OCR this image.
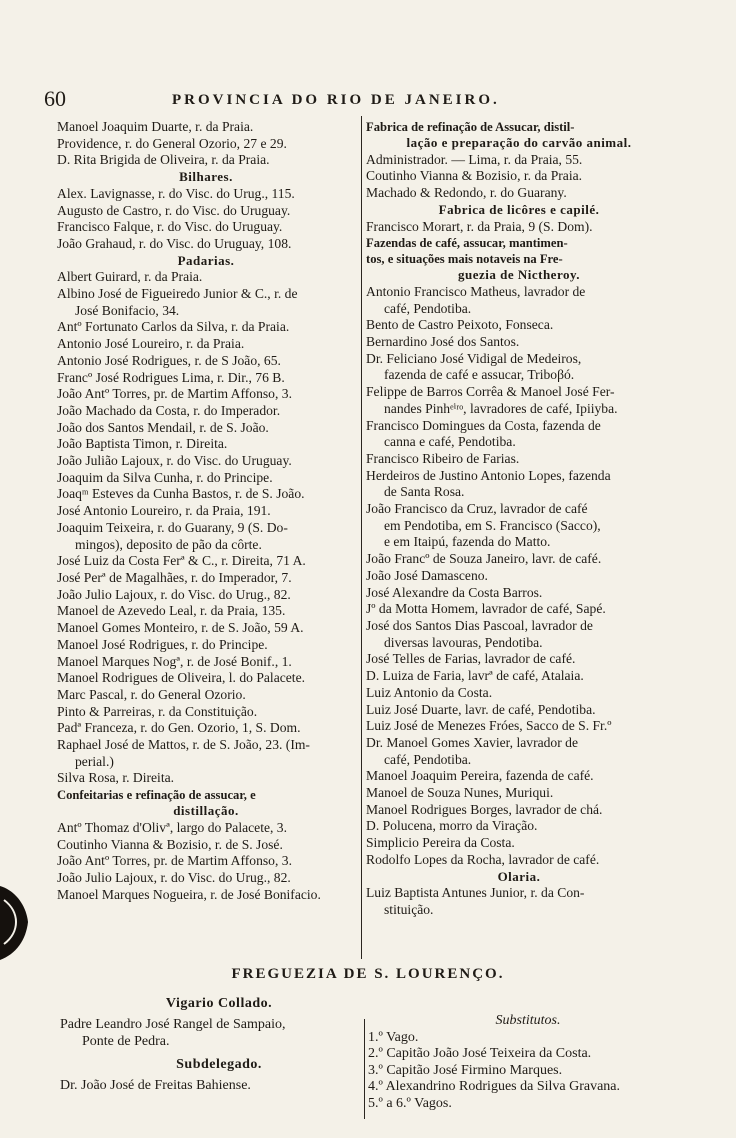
60	PROVINCIA DO RIO DE JANEIRO.
Manoel Joaquim Duarte, r. da Praia.
Providence, r. do General Ozorio, 27 e 29.
D. Rita Brigida de Oliveira, r. da Praia.
Bilhares.
Alex. Lavignasse, r. do Visc. do Urug., 115.
Augusto de Castro, r. do Visc. do Uruguay.
Francisco Falque, r. do Visc. do Uruguay.
João Grahaud, r. do Visc. do Uruguay, 108.
Padarias.
Albert Guirard, r. da Praia.
Albino José de Figueiredo Junior & C., r. de
José Bonifacio, 34.
Antº Fortunato Carlos da Silva, r. da Praia.
Antonio José Loureiro, r. da Praia.
Antonio José Rodrigues, r. de S João, 65.
Francº José Rodrigues Lima, r. Dir., 76 B.
João Antº Torres, pr. de Martim Affonso, 3.
João Machado da Costa, r. do Imperador.
João dos Santos Mendail, r. de S. João.
João Baptista Timon, r. Direita.
João Julião Lajoux, r. do Visc. do Uruguay.
Joaquim da Silva Cunha, r. do Principe.
Joaqᵐ Esteves da Cunha Bastos, r. de S. João.
José Antonio Loureiro, r. da Praia, 191.
Joaquim Teixeira, r. do Guarany, 9 (S. Do-
mingos), deposito de pão da côrte.
José Luiz da Costa Ferª & C., r. Direita, 71 A.
José Perª de Magalhães, r. do Imperador, 7.
João Julio Lajoux, r. do Visc. do Urug., 82.
Manoel de Azevedo Leal, r. da Praia, 135.
Manoel Gomes Monteiro, r. de S. João, 59 A.
Manoel José Rodrigues, r. do Principe.
Manoel Marques Nogª, r. de José Bonif., 1.
Manoel Rodrigues de Oliveira, l. do Palacete.
Marc Pascal, r. do General Ozorio.
Pinto & Parreiras, r. da Constituição.
Padª Franceza, r. do Gen. Ozorio, 1, S. Dom.
Raphael José de Mattos, r. de S. João, 23. (Im-
perial.)
Silva Rosa, r. Direita.
Confeitarias e refinação de assucar, e
distillação.
Antº Thomaz d'Olivª, largo do Palacete, 3.
Coutinho Vianna & Bozisio, r. de S. José.
João Antº Torres, pr. de Martim Affonso, 3.
João Julio Lajoux, r. do Visc. do Urug., 82.
Manoel Marques Nogueira, r. de José Bonifacio.
Fabrica de refinação de Assucar, distil-
lação e preparação do carvão animal.
Administrador. — Lima, r. da Praia, 55.
Coutinho Vianna & Bozisio, r. da Praia.
Machado & Redondo, r. do Guarany.
Fabrica de licôres e capilé.
Francisco Morart, r. da Praia, 9 (S. Dom).
Fazendas de café, assucar, mantimen-
tos, e situações mais notaveis na Fre-
guezia de Nictheroy.
Antonio Francisco Matheus, lavrador de
café, Pendotiba.
Bento de Castro Peixoto, Fonseca.
Bernardino José dos Santos.
Dr. Feliciano José Vidigal de Medeiros,
fazenda de café e assucar, Triboβó.
Felippe de Barros Corrêa & Manoel José Fer-
nandes Pinhᵉⁱʳᵒ, lavradores de café, Ipiiyba.
Francisco Domingues da Costa, fazenda de
canna e café, Pendotiba.
Francisco Ribeiro de Farias.
Herdeiros de Justino Antonio Lopes, fazenda
de Santa Rosa.
João Francisco da Cruz, lavrador de café
em Pendotiba, em S. Francisco (Sacco),
e em Itaipú, fazenda do Matto.
João Francº de Souza Janeiro, lavr. de café.
João José Damasceno.
José Alexandre da Costa Barros.
Jº da Motta Homem, lavrador de café, Sapé.
José dos Santos Dias Pascoal, lavrador de
diversas lavouras, Pendotiba.
José Telles de Farias, lavrador de café.
D. Luiza de Faria, lavrª de café, Atalaia.
Luiz Antonio da Costa.
Luiz José Duarte, lavr. de café, Pendotiba.
Luiz José de Menezes Fróes, Sacco de S. Fr.º
Dr. Manoel Gomes Xavier, lavrador de
café, Pendotiba.
Manoel Joaquim Pereira, fazenda de café.
Manoel de Souza Nunes, Muriqui.
Manoel Rodrigues Borges, lavrador de chá.
D. Polucena, morro da Viração.
Simplicio Pereira da Costa.
Rodolfo Lopes da Rocha, lavrador de café.
Olaria.
Luiz Baptista Antunes Junior, r. da Con-
stituição.
FREGUEZIA DE S. LOURENÇO.
Vigario Collado.
Padre Leandro José Rangel de Sampaio,
Ponte de Pedra.
Subdelegado.
Dr. João José de Freitas Bahiense.
Substitutos.
1.º Vago.
2.º Capitão João José Teixeira da Costa.
3.º Capitão José Firmino Marques.
4.º Alexandrino Rodrigues da Silva Gravana.
5.º a 6.º Vagos.
